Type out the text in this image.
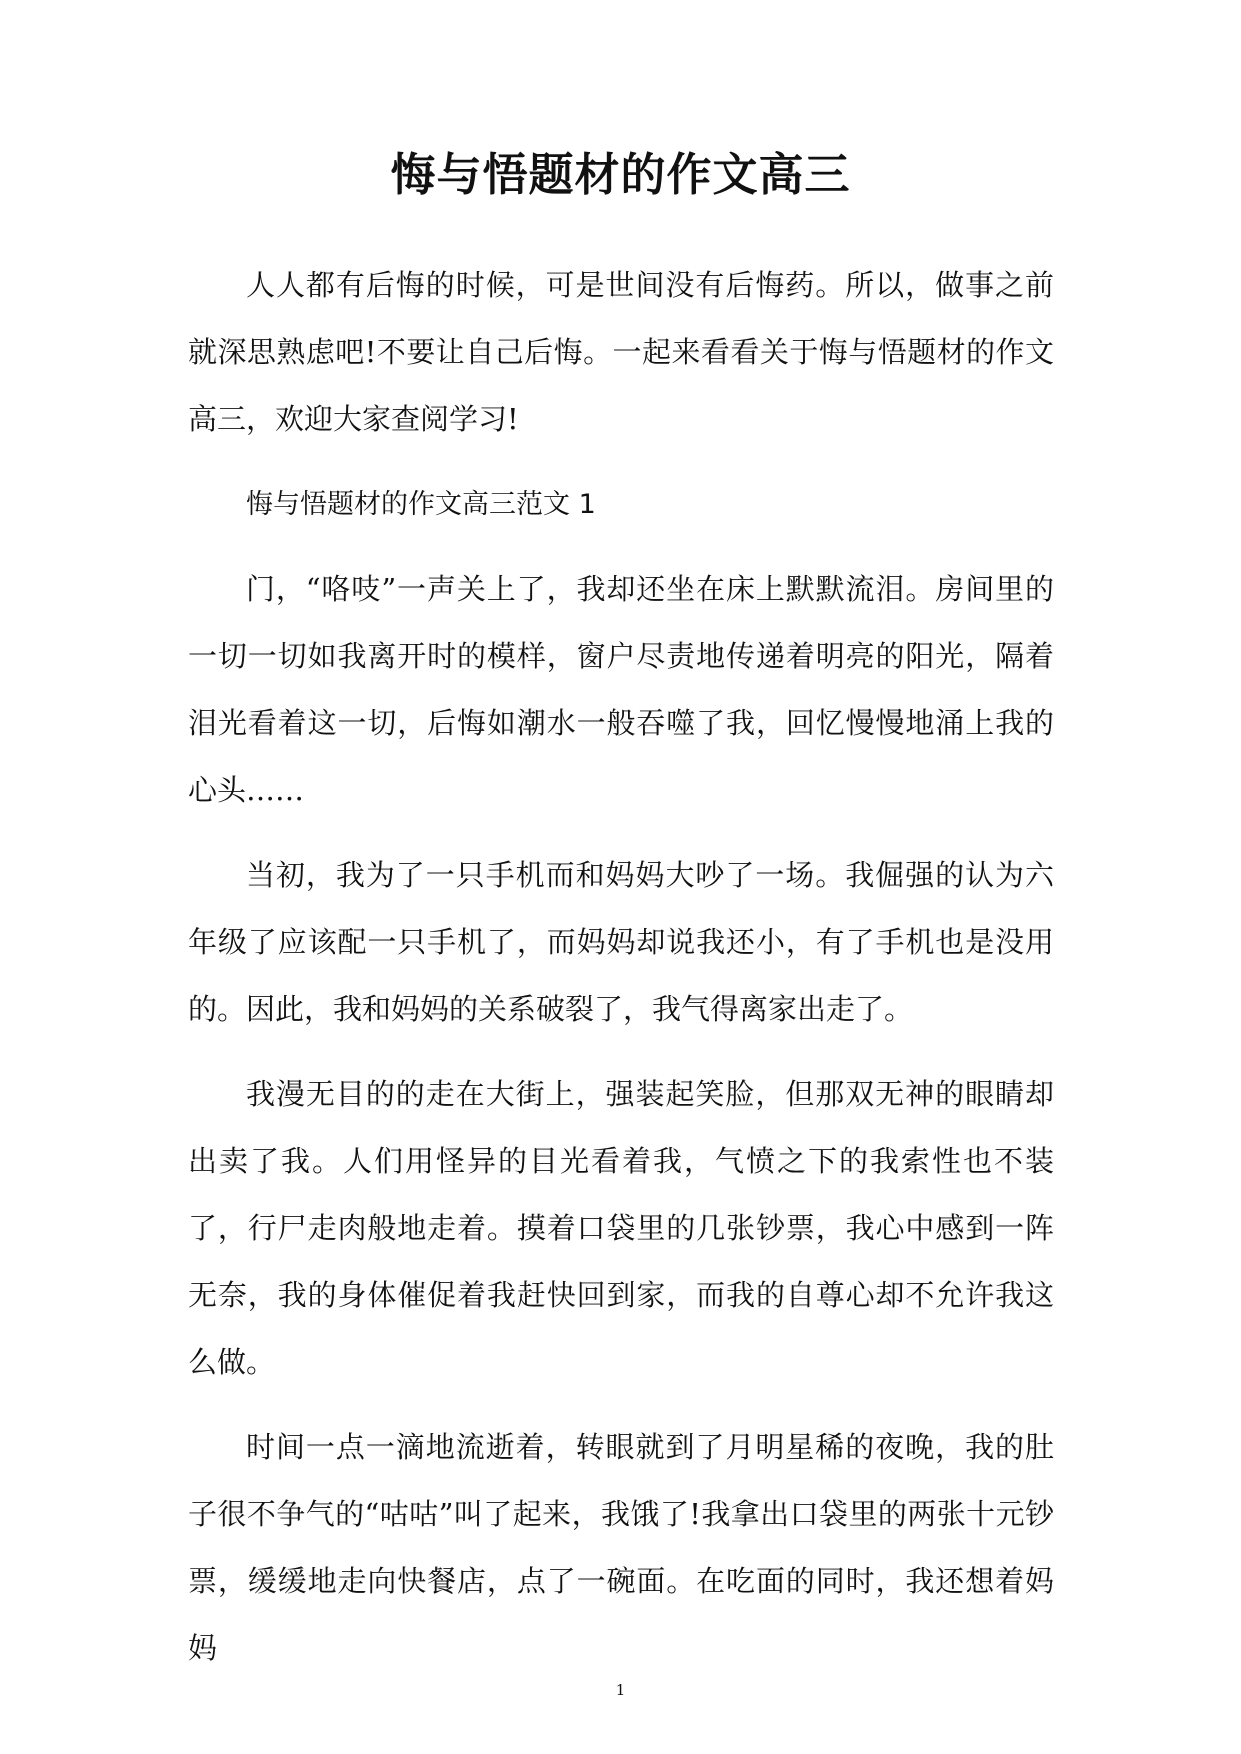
悔与悟题材的作文高三

人人都有后悔的时候，可是世间没有后悔药。所以，做事之前就深思熟虑吧!不要让自己后悔。一起来看看关于悔与悟题材的作文高三，欢迎大家查阅学习!

悔与悟题材的作文高三范文 1

门，“咯吱”一声关上了，我却还坐在床上默默流泪。房间里的一切一切如我离开时的模样，窗户尽责地传递着明亮的阳光，隔着泪光看着这一切，后悔如潮水一般吞噬了我，回忆慢慢地涌上我的心头……

当初，我为了一只手机而和妈妈大吵了一场。我倔强的认为六年级了应该配一只手机了，而妈妈却说我还小，有了手机也是没用的。因此，我和妈妈的关系破裂了，我气得离家出走了。

我漫无目的的走在大街上，强装起笑脸，但那双无神的眼睛却出卖了我。人们用怪异的目光看着我，气愤之下的我索性也不装了，行尸走肉般地走着。摸着口袋里的几张钞票，我心中感到一阵无奈，我的身体催促着我赶快回到家，而我的自尊心却不允许我这么做。

时间一点一滴地流逝着，转眼就到了月明星稀的夜晚，我的肚子很不争气的“咕咕”叫了起来，我饿了!我拿出口袋里的两张十元钞票，缓缓地走向快餐店，点了一碗面。在吃面的同时，我还想着妈妈

1
